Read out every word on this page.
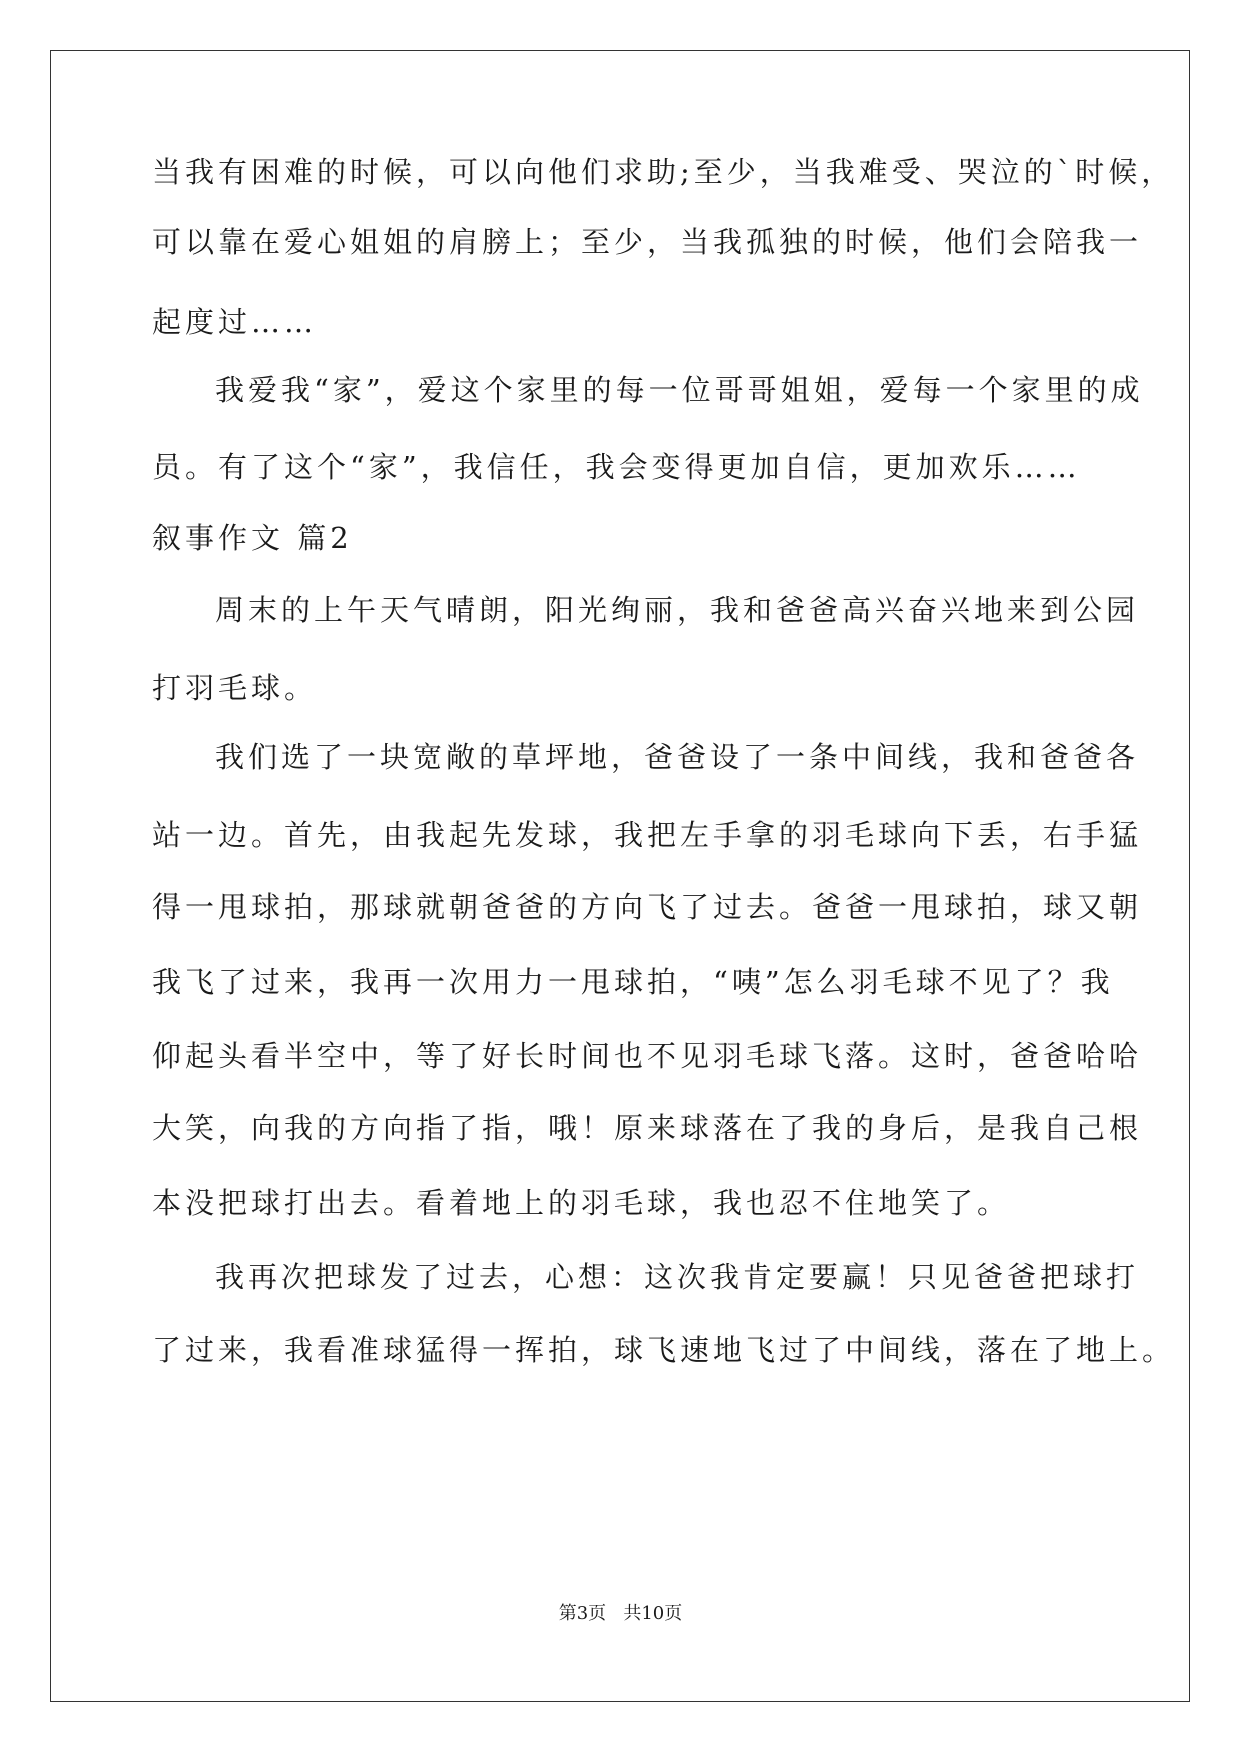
当我有困难的时候，可以向他们求助;至少，当我难受、哭泣的`时候，
可以靠在爱心姐姐的肩膀上；至少，当我孤独的时候，他们会陪我一
起度过……
我爱我“家”，爱这个家里的每一位哥哥姐姐，爱每一个家里的成
员。有了这个“家”，我信任，我会变得更加自信，更加欢乐……
叙事作文 篇2
周末的上午天气晴朗，阳光绚丽，我和爸爸高兴奋兴地来到公园
打羽毛球。
我们选了一块宽敞的草坪地，爸爸设了一条中间线，我和爸爸各
站一边。首先，由我起先发球，我把左手拿的羽毛球向下丢，右手猛
得一甩球拍，那球就朝爸爸的方向飞了过去。爸爸一甩球拍，球又朝
我飞了过来，我再一次用力一甩球拍，“咦”怎么羽毛球不见了？我
仰起头看半空中，等了好长时间也不见羽毛球飞落。这时，爸爸哈哈
大笑，向我的方向指了指，哦！原来球落在了我的身后，是我自己根
本没把球打出去。看着地上的羽毛球，我也忍不住地笑了。
我再次把球发了过去，心想：这次我肯定要赢！只见爸爸把球打
了过来，我看准球猛得一挥拍，球飞速地飞过了中间线，落在了地上。
第3页   共10页
